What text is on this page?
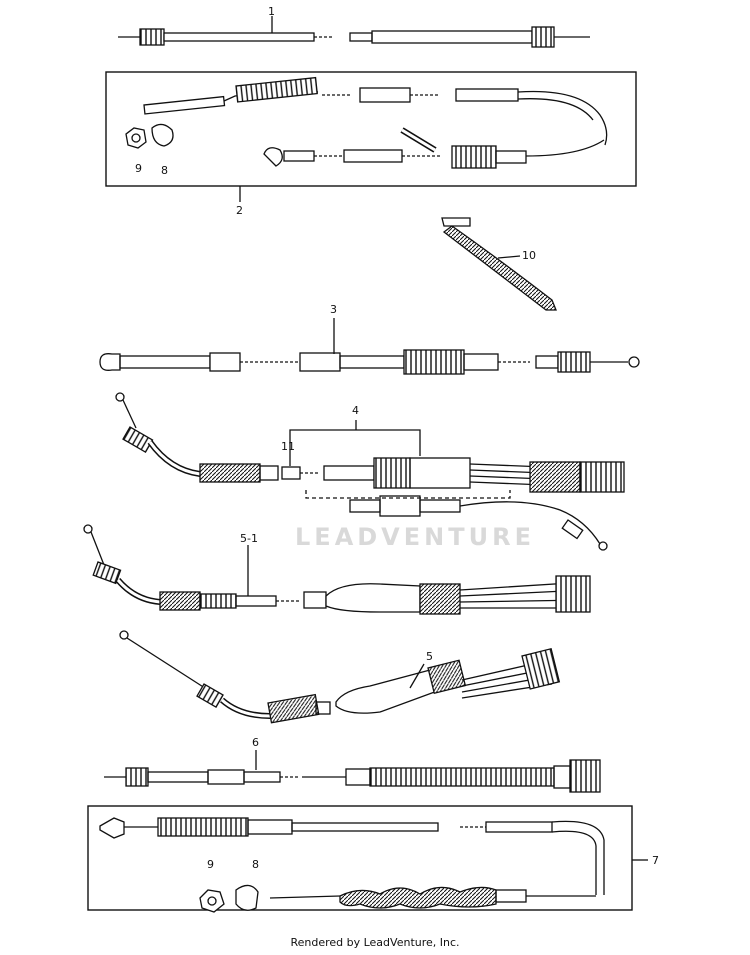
LEADVENTURE
1
2
9 8
10
3
4
11
5-1
5
6
7
9	8
Rendered by LeadVenture, Inc.
